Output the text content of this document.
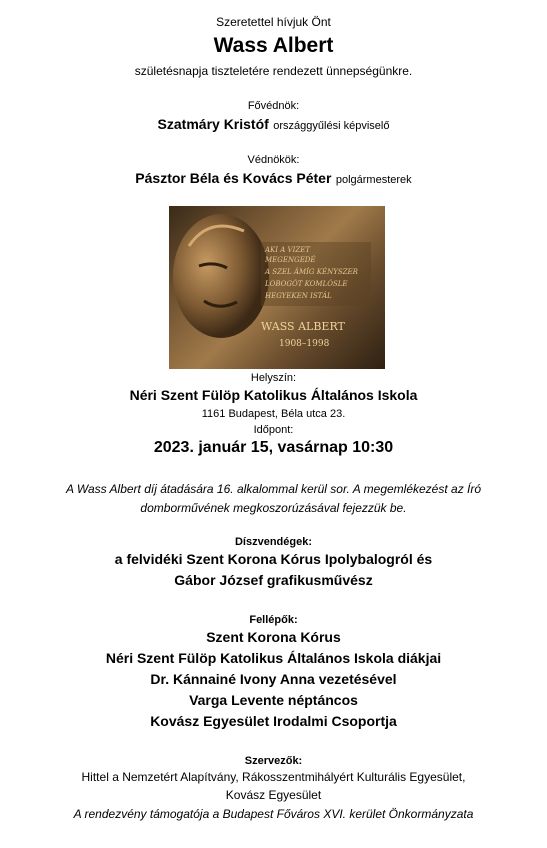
Szeretettel hívjuk Önt
Wass Albert
születésnapja tiszteletére rendezett ünnepségünkre.
Fővédnök:
Szatmáry Kristóf országgyűlési képviselő
Védnökök:
Pásztor Béla és Kovács Péter polgármesterek
AKI A VIZET
MEGENGEDÉ
A SZEL ÁMÍG KÉNYSZER
LOBOGÓT KOMLÓSLE
HEGYEKEN ISTÁL
WASS ALBERT
1908–1998
Helyszín:
Néri Szent Fülöp Katolikus Általános Iskola
1161 Budapest, Béla utca 23.
Időpont:
2023. január 15, vasárnap 10:30
A Wass Albert díj átadására 16. alkalommal kerül sor. A megemlékezést az Író
domborművének megkoszorúzásával fejezzük be.
Díszvendégek:
a felvidéki Szent Korona Kórus Ipolybalogról és
Gábor József grafikusművész
Fellépők:
Szent Korona Kórus
Néri Szent Fülöp Katolikus Általános Iskola diákjai
Dr. Kánnainé Ivony Anna vezetésével
Varga Levente néptáncos
Kovász Egyesület Irodalmi Csoportja
Szervezők:
Hittel a Nemzetért Alapítvány, Rákosszentmihályért Kulturális Egyesület,
Kovász Egyesület
A rendezvény támogatója a Budapest Főváros XVI. kerület Önkormányzata
